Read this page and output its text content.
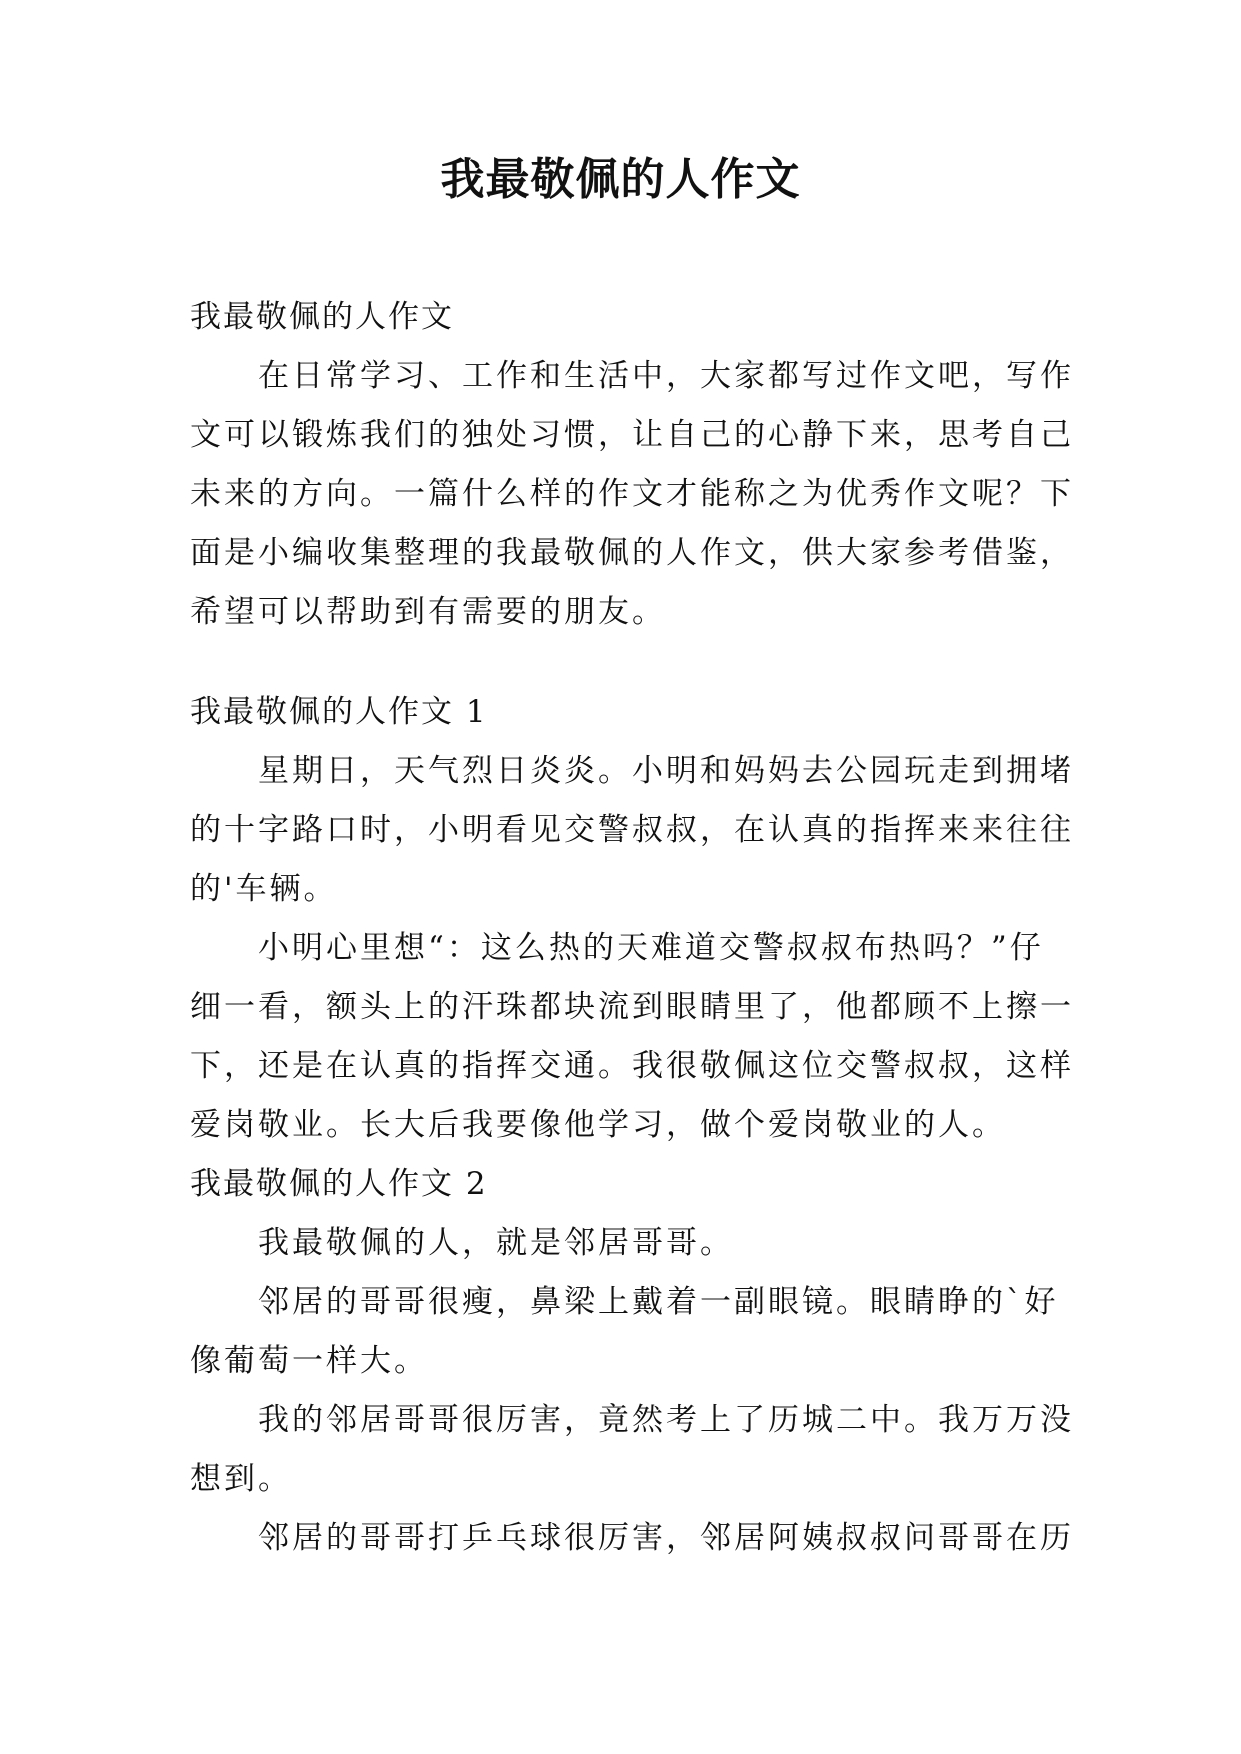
我最敬佩的人作文

我最敬佩的人作文

在日常学习、工作和生活中，大家都写过作文吧，写作

文可以锻炼我们的独处习惯，让自己的心静下来，思考自己

未来的方向。一篇什么样的作文才能称之为优秀作文呢？下

面是小编收集整理的我最敬佩的人作文，供大家参考借鉴，

希望可以帮助到有需要的朋友。

我最敬佩的人作文 1

星期日，天气烈日炎炎。小明和妈妈去公园玩走到拥堵

的十字路口时，小明看见交警叔叔，在认真的指挥来来往往

的'车辆。

小明心里想“：这么热的天难道交警叔叔布热吗？”仔

细一看，额头上的汗珠都块流到眼睛里了，他都顾不上擦一

下，还是在认真的指挥交通。我很敬佩这位交警叔叔，这样

爱岗敬业。长大后我要像他学习，做个爱岗敬业的人。

我最敬佩的人作文 2

我最敬佩的人，就是邻居哥哥。

邻居的哥哥很瘦，鼻梁上戴着一副眼镜。眼睛睁的`好

像葡萄一样大。

我的邻居哥哥很厉害，竟然考上了历城二中。我万万没

想到。

邻居的哥哥打乒乓球很厉害，邻居阿姨叔叔问哥哥在历
